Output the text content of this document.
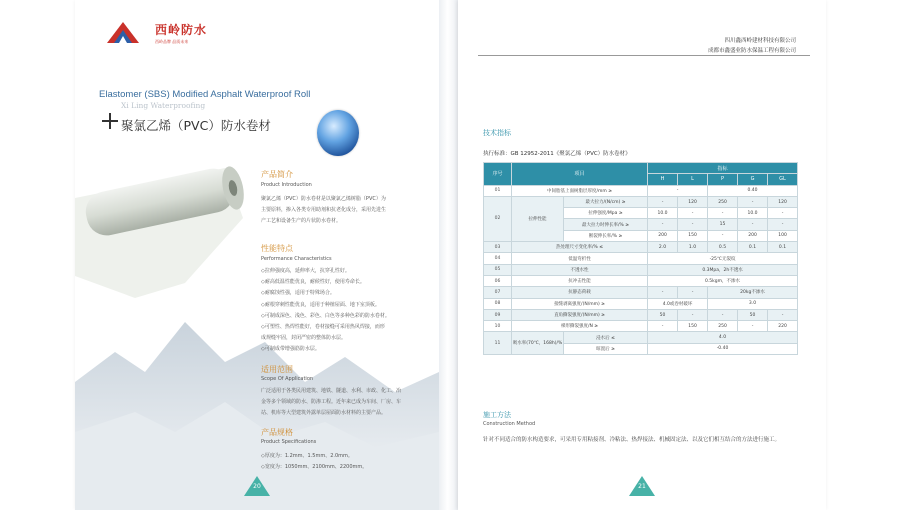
西岭防水
西岭品牌 品质未来
Elastomer (SBS) Modified Asphalt Waterproof Roll
Xi Ling Waterproofing
聚氯乙烯（PVC）防水卷材
产品简介
Product Introduction
聚氯乙烯（PVC）防水卷材是以聚氯乙烯树脂（PVC）为
主要原料，掺入各类专用助剂和抗老化成分，采用先进生
产工艺和设备生产的片状防水卷材。
性能特点
Performance Characteristics
◇拉伸强度高，延伸率大，抗穿孔性好。
◇耐高低温性能优良，耐候性好，使用寿命长。
◇耐腐蚀性强，适用于特殊场合。
◇耐根穿刺性能优良，适用于种植屋面、地下室顶板。
◇可制成深色、浅色、彩色、白色等多种色彩的防水卷材。
◇可塑性、热焊性能好，卷材接缝可采用热风焊接，而形
成规缝牢固，封闭严密的整体防水层。
◇可制成带增强筋防水层。
适用范围
Scope Of Application
广泛适用于各类民用建筑、地铁、隧道、水利、市政、化工、冶
金等多个领域的防水、防渗工程。近年来已成为车间、厂房、车
站、机库等大型建筑外露单层屋面防水材料的主要产品。
产品规格
Product Specifications
◇厚度为：1.2mm、1.5mm、2.0mm。
◇宽度为：1050mm、2100mm、2200mm。
20
四川鑫西岭建材科技有限公司
成都市鑫盛业防水保温工程有限公司
技术指标
执行标准：GB 12952-2011《聚氯乙烯（PVC）防水卷材》
序号	项目		指标				
			H	L	P	G	GL
01	中间胎基上面树脂层厚度/mm ≥		-		0.40		
02	拉伸性能	最大拉力/(N/cm) ≥	-	120	250	-	120
		拉伸强度/Mpa ≥	10.0	-	-	10.0	-
		最大拉力时伸长率/% ≥	-	-	15	-	-
		断裂伸长率/% ≥	200	150	-	200	100
03	热处理尺寸变化率/% ≤		2.0	1.0	0.5	0.1	0.1
04	低温弯折性		-25℃无裂纹				
05	不透水性		0.3Mpa，2h不透水				
06	抗冲击性能		0.5kgm，不渗水				
07	抗静态荷载		-	-	20kg不渗水		
08	接缝剥离强度/(N/mm) ≥		4.0或卷材破坏		3.0		
09	直角撕裂强度/(N/mm) ≥		50	-	-	50	-
10	梯形撕裂强度/N ≥		-	150	250	-	220
11	吸水率(70℃，168h)/%	浸水后 ≤	4.0				
		晾置后 ≥	-0.40				
施工方法
Construction Method
针对不同适合的防水构造要求，可采用专用粘接剂、冷粘法、热焊接法、机械固定法、以及它们相互结合的方法进行施工。
21
